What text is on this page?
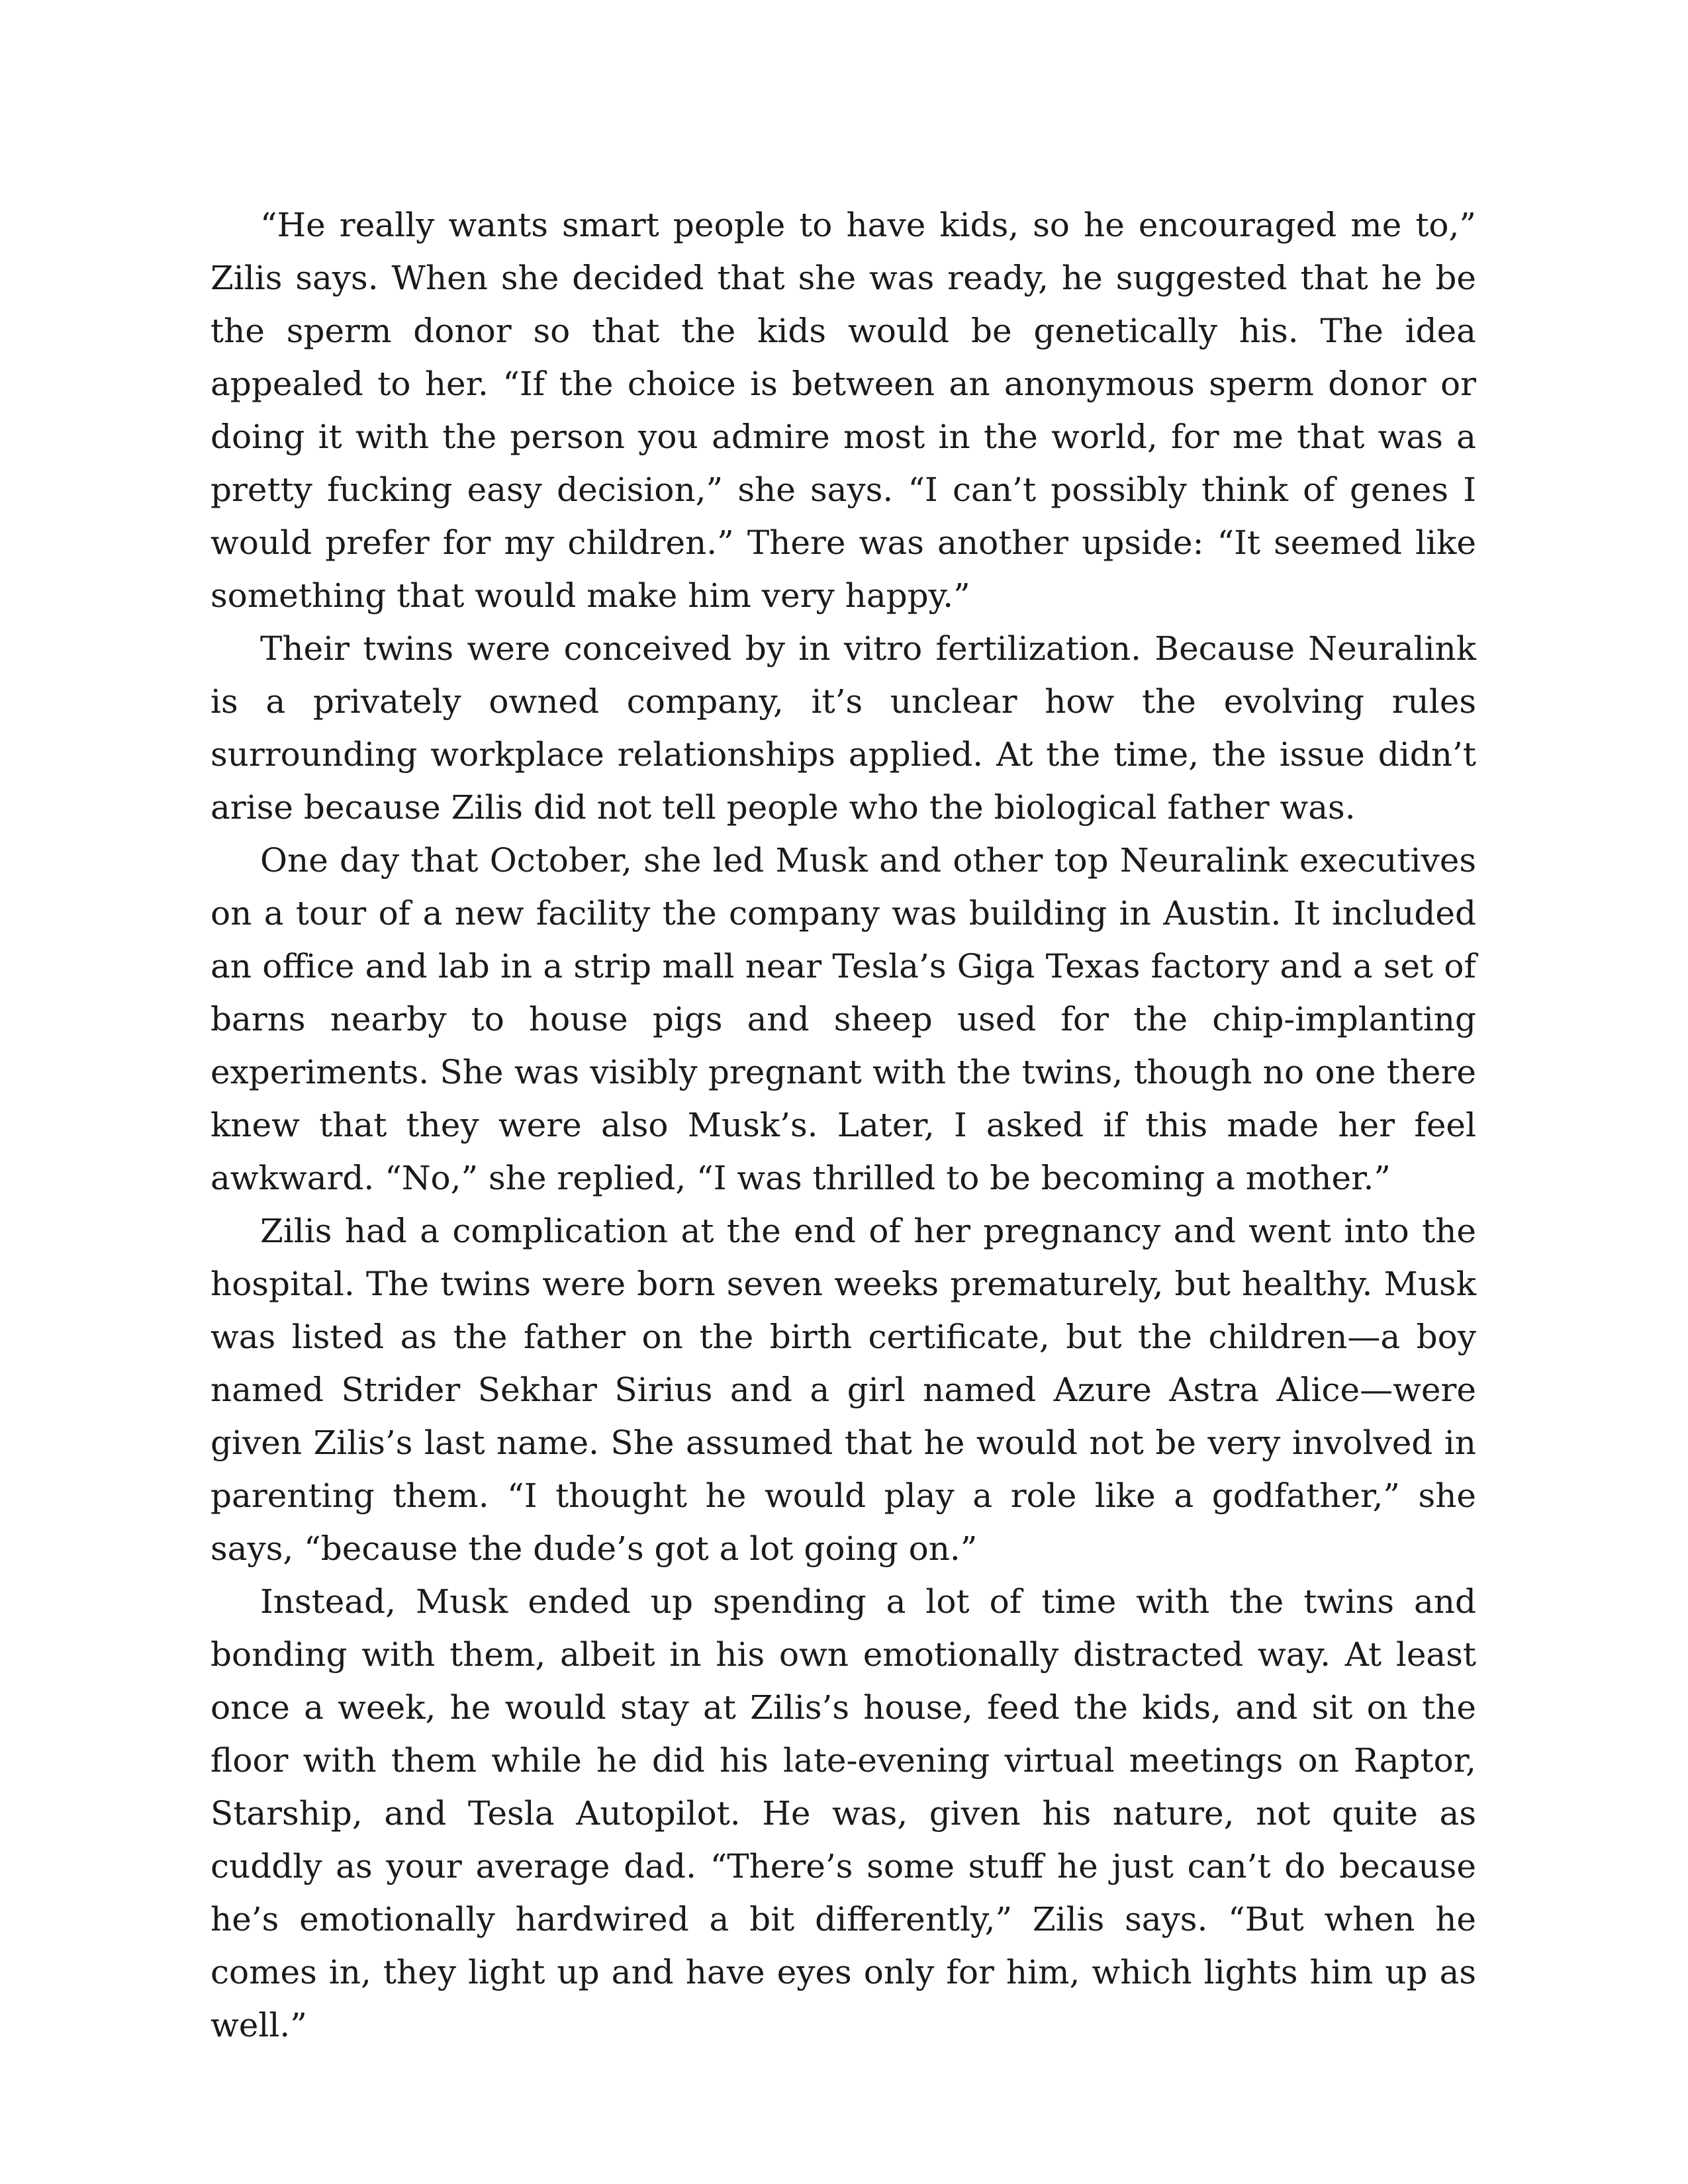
“He really wants smart people to have kids, so he encouraged me to,” Zilis says. When she decided that she was ready, he suggested that he be the sperm donor so that the kids would be genetically his. The idea appealed to her. “If the choice is between an anonymous sperm donor or doing it with the person you admire most in the world, for me that was a pretty fucking easy decision,” she says. “I can’t possibly think of genes I would prefer for my children.” There was another upside: “It seemed like something that would make him very happy.”

Their twins were conceived by in vitro fertilization. Because Neuralink is a privately owned company, it’s unclear how the evolving rules surrounding workplace relationships applied. At the time, the issue didn’t arise because Zilis did not tell people who the biological father was.

One day that October, she led Musk and other top Neuralink executives on a tour of a new facility the company was building in Austin. It included an office and lab in a strip mall near Tesla’s Giga Texas factory and a set of barns nearby to house pigs and sheep used for the chip-implanting experiments. She was visibly pregnant with the twins, though no one there knew that they were also Musk’s. Later, I asked if this made her feel awkward. “No,” she replied, “I was thrilled to be becoming a mother.”

Zilis had a complication at the end of her pregnancy and went into the hospital. The twins were born seven weeks prematurely, but healthy. Musk was listed as the father on the birth certificate, but the children—a boy named Strider Sekhar Sirius and a girl named Azure Astra Alice—were given Zilis’s last name. She assumed that he would not be very involved in parenting them. “I thought he would play a role like a godfather,” she says, “because the dude’s got a lot going on.”

Instead, Musk ended up spending a lot of time with the twins and bonding with them, albeit in his own emotionally distracted way. At least once a week, he would stay at Zilis’s house, feed the kids, and sit on the floor with them while he did his late-evening virtual meetings on Raptor, Starship, and Tesla Autopilot. He was, given his nature, not quite as cuddly as your average dad. “There’s some stuff he just can’t do because he’s emotionally hardwired a bit differently,” Zilis says. “But when he comes in, they light up and have eyes only for him, which lights him up as well.”
